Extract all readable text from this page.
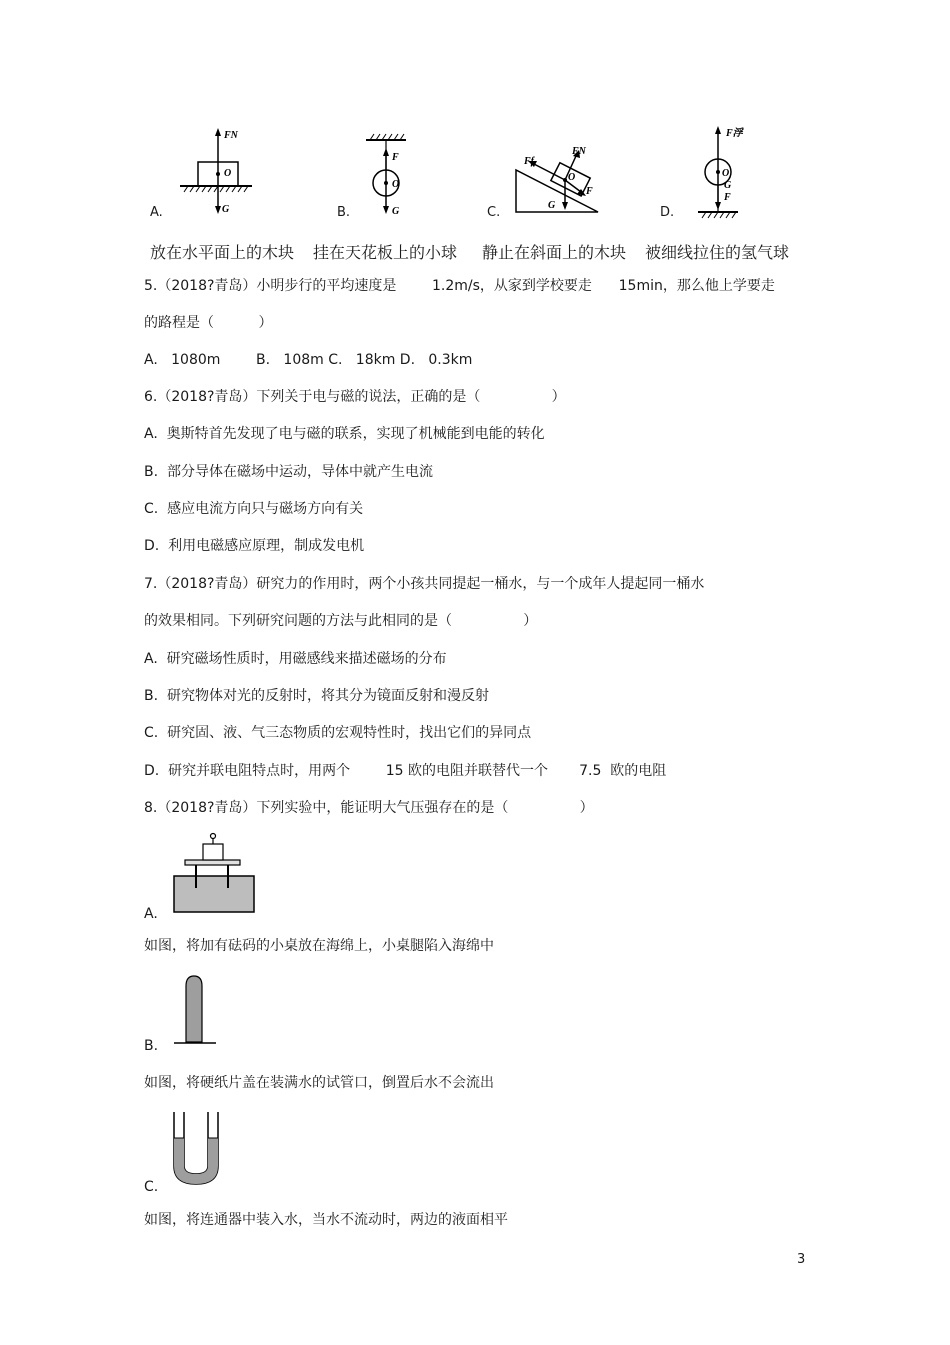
FN
O
G
F
O
G
Ff
FN
O
F
G
F浮
O
G
F
A.	B.	C.	D.
放在水平面上的木块 挂在天花板上的小球 静止在斜面上的木块 被细线拉住的氢气球
5.（2018?青岛）小明步行的平均速度是        1.2m/s，从家到学校要走      15min，那么他上学要走
的路程是（          ）
A.   1080m        B.   108m C.   18km D.   0.3km
6.（2018?青岛）下列关于电与磁的说法，正确的是（                ）
A.  奥斯特首先发现了电与磁的联系，实现了机械能到电能的转化
B.  部分导体在磁场中运动，导体中就产生电流
C.  感应电流方向只与磁场方向有关
D.  利用电磁感应原理，制成发电机
7.（2018?青岛）研究力的作用时，两个小孩共同提起一桶水，与一个成年人提起同一桶水
的效果相同。下列研究问题的方法与此相同的是（                ）
A.  研究磁场性质时，用磁感线来描述磁场的分布
B.  研究物体对光的反射时，将其分为镜面反射和漫反射
C.  研究固、液、气三态物质的宏观特性时，找出它们的异同点
D.  研究并联电阻特点时，用两个        15 欧的电阻并联替代一个       7.5  欧的电阻
8.（2018?青岛）下列实验中，能证明大气压强存在的是（                ）
A.
如图，将加有砝码的小桌放在海绵上，小桌腿陷入海绵中
B.
如图，将硬纸片盖在装满水的试管口，倒置后水不会流出
C.
如图，将连通器中装入水，当水不流动时，两边的液面相平
3
